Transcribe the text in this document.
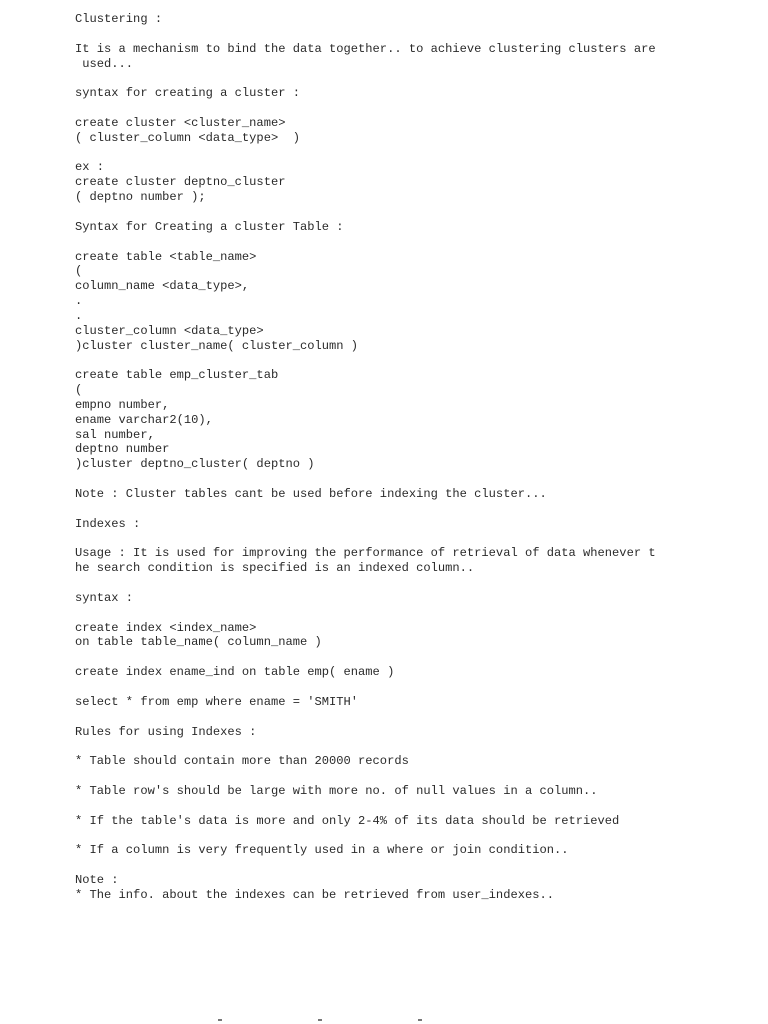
Clustering :
It is a mechanism to bind the data together.. to achieve clustering clusters are
used...
syntax for creating a cluster :
create cluster <cluster_name>
( cluster_column <data_type>  )
ex :
create cluster deptno_cluster
( deptno number );
Syntax for Creating a cluster Table :
create table <table_name>
(
column_name <data_type>,
.
.
cluster_column <data_type>
)cluster cluster_name( cluster_column )
create table emp_cluster_tab
(
empno number,
ename varchar2(10),
sal number,
deptno number
)cluster deptno_cluster( deptno )
Note : Cluster tables cant be used before indexing the cluster...
Indexes :
Usage : It is used for improving the performance of retrieval of data whenever t
he search condition is specified is an indexed column..
syntax :
create index <index_name>
on table table_name( column_name )
create index ename_ind on table emp( ename )
select * from emp where ename = 'SMITH'
Rules for using Indexes :
* Table should contain more than 20000 records
* Table row's should be large with more no. of null values in a column..
* If the table's data is more and only 2-4% of its data should be retrieved
* If a column is very frequently used in a where or join condition..
Note :
* The info. about the indexes can be retrieved from user_indexes..
